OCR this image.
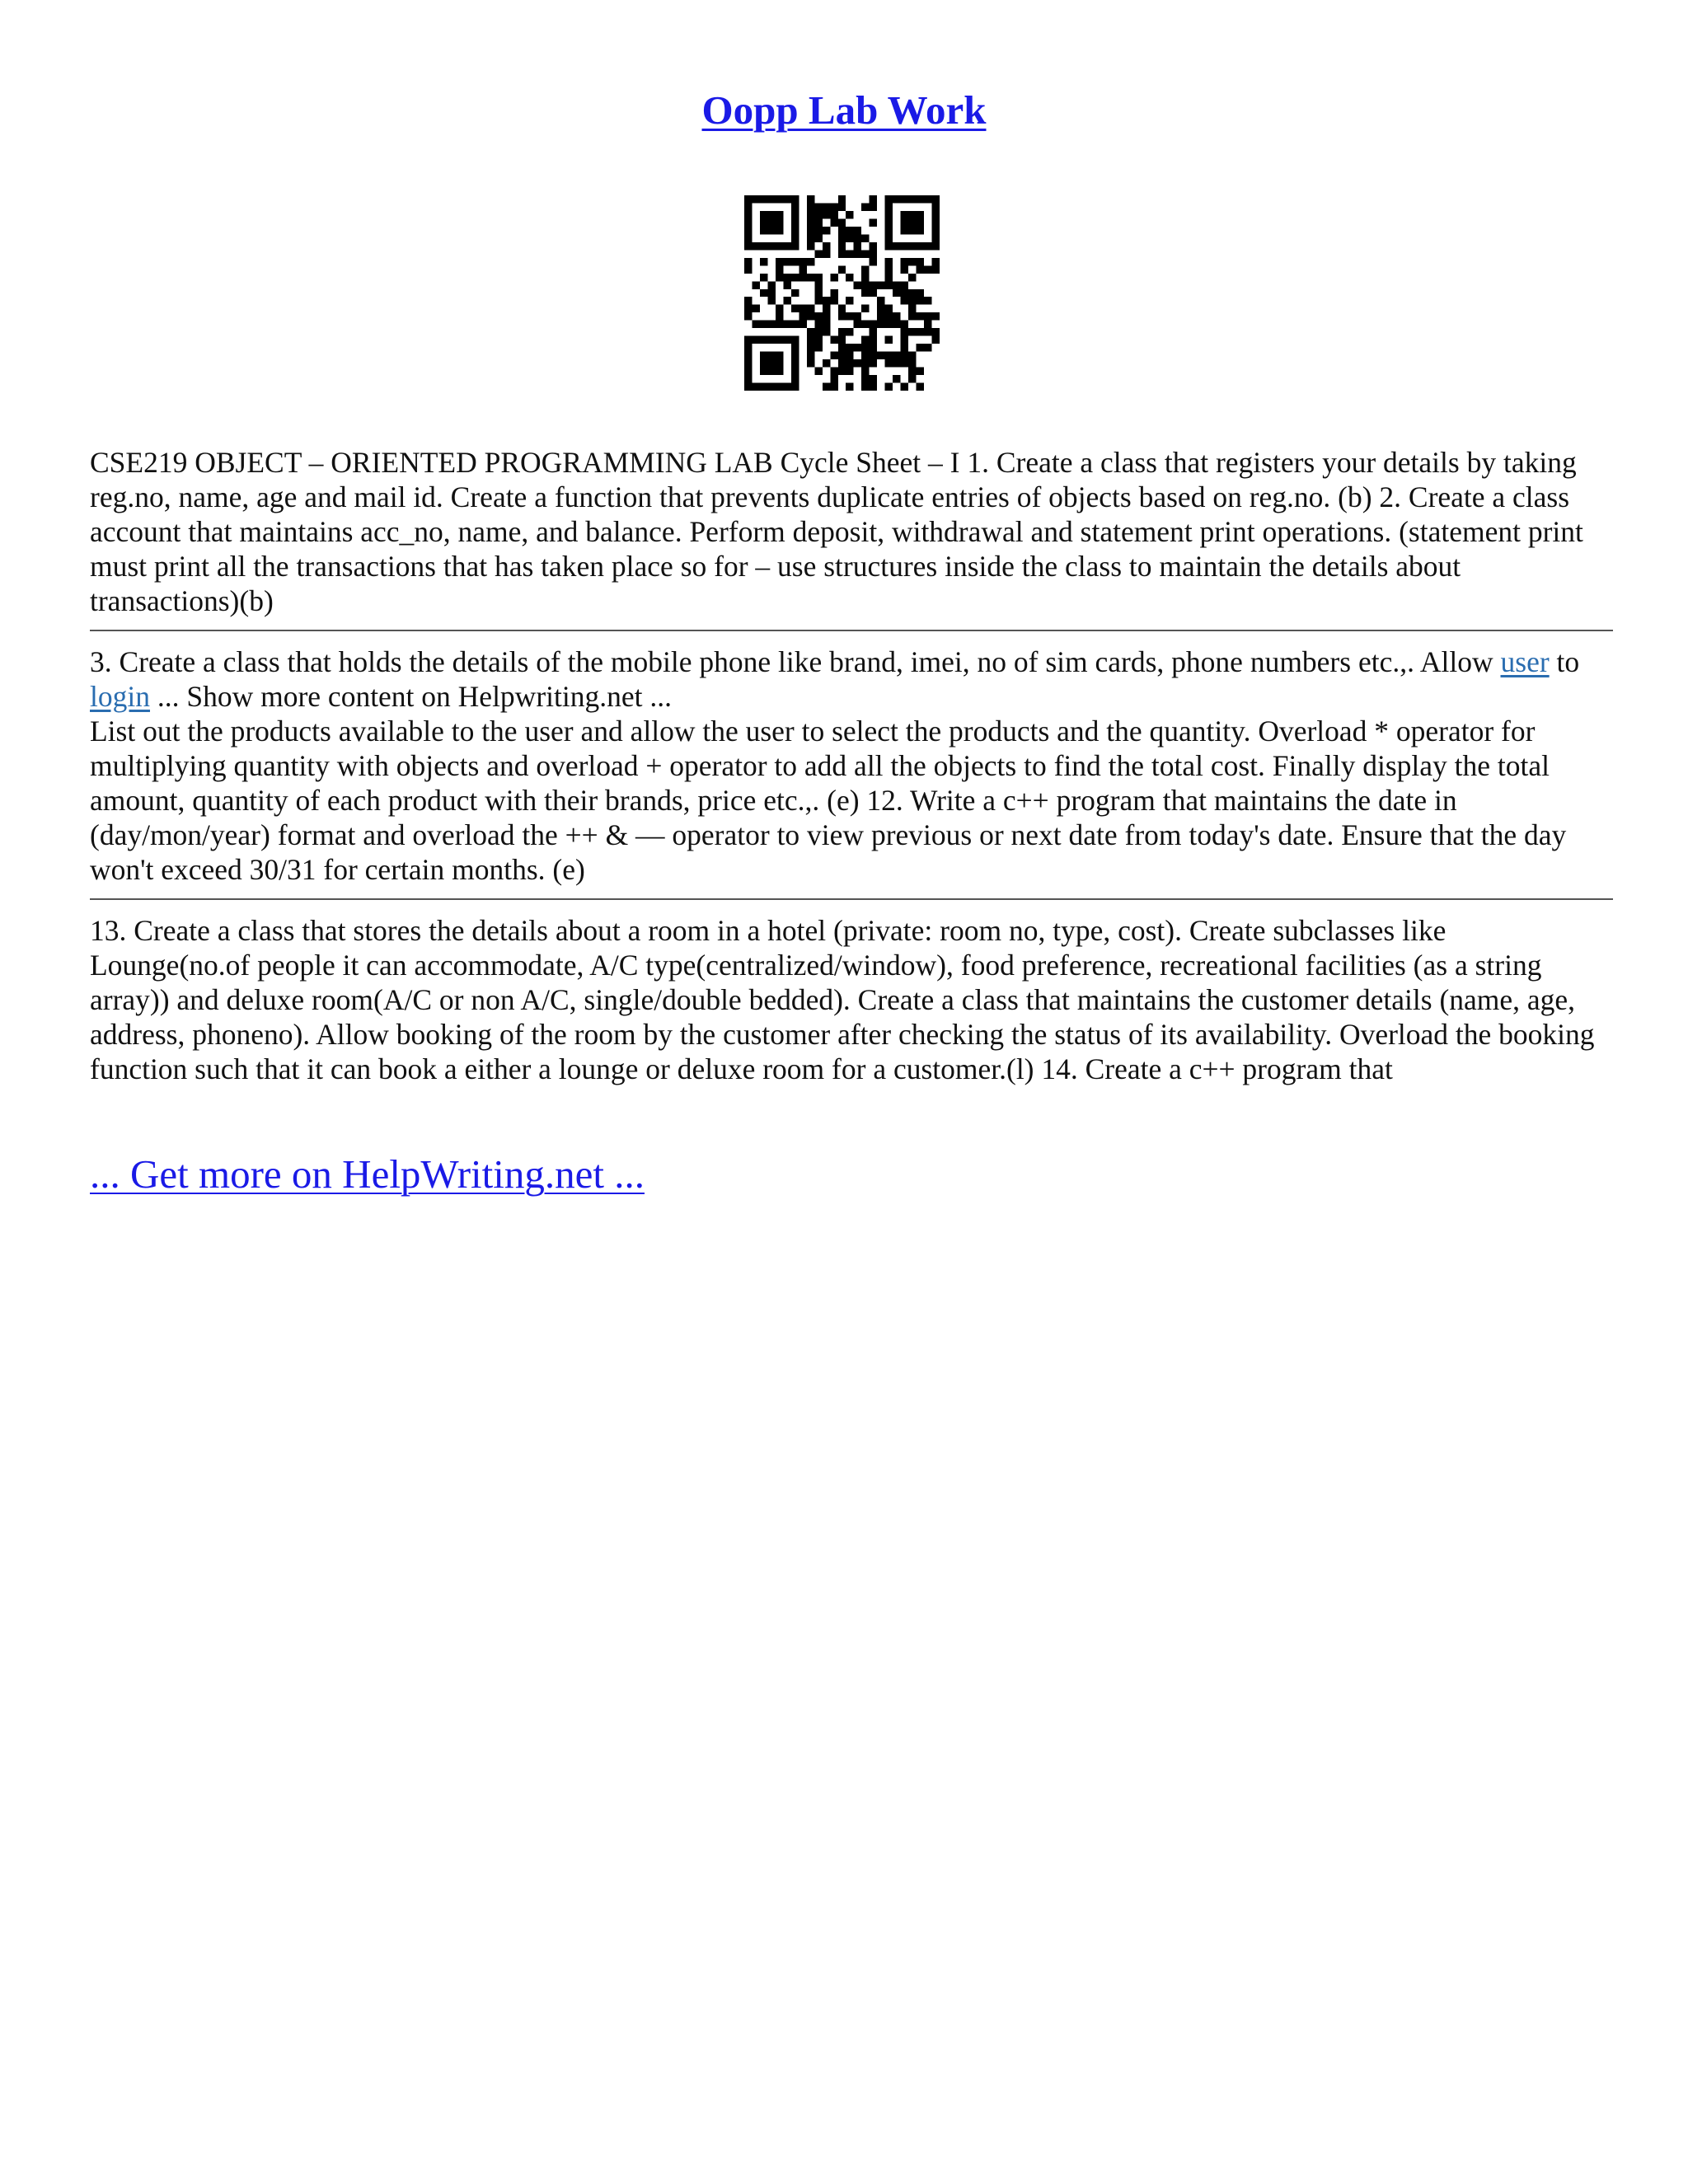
Oopp Lab Work

CSE219 OBJECT – ORIENTED PROGRAMMING LAB Cycle Sheet – I 1. Create a class that registers your details by taking reg.no, name, age and mail id. Create a function that prevents duplicate entries of objects based on reg.no. (b) 2. Create a class account that maintains acc_no, name, and balance. Perform deposit, withdrawal and statement print operations. (statement print must print all the transactions that has taken place so for – use structures inside the class to maintain the details about transactions)(b)

3. Create a class that holds the details of the mobile phone like brand, imei, no of sim cards, phone numbers etc.,. Allow user to login ... Show more content on Helpwriting.net ...

List out the products available to the user and allow the user to select the products and the quantity. Overload * operator for multiplying quantity with objects and overload + operator to add all the objects to find the total cost. Finally display the total amount, quantity of each product with their brands, price etc.,. (e) 12. Write a c++ program that maintains the date in (day/mon/year) format and overload the ++ & — operator to view previous or next date from today's date. Ensure that the day won't exceed 30/31 for certain months. (e)

13. Create a class that stores the details about a room in a hotel (private: room no, type, cost). Create subclasses like Lounge(no.of people it can accommodate, A/C type(centralized/window), food preference, recreational facilities (as a string array)) and deluxe room(A/C or non A/C, single/double bedded). Create a class that maintains the customer details (name, age, address, phoneno). Allow booking of the room by the customer after checking the status of its availability. Overload the booking function such that it can book a either a lounge or deluxe room for a customer.(l) 14. Create a c++ program that

... Get more on HelpWriting.net ...
